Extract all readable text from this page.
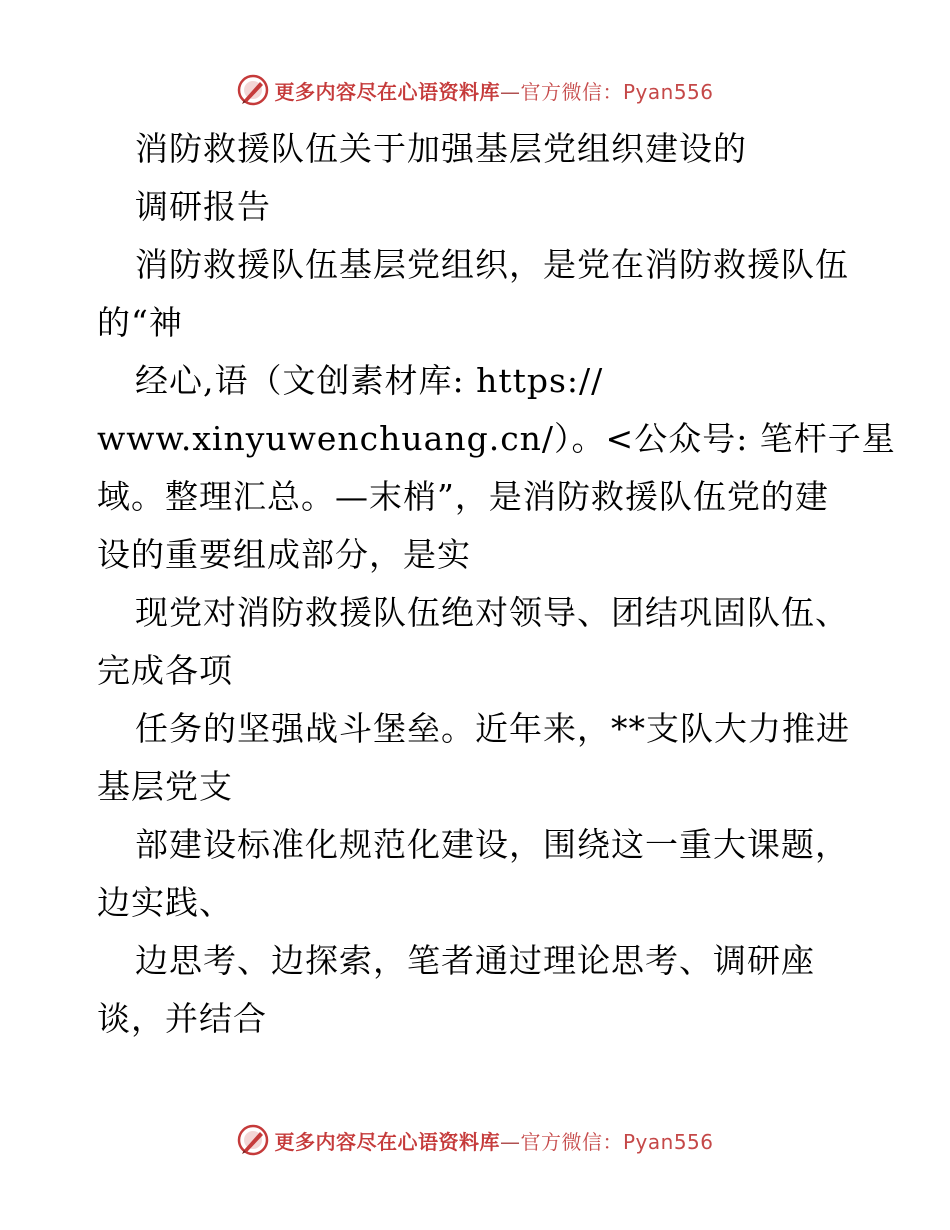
更多内容尽在心语资料库—官方微信：Pyan556
消防救援队伍关于加强基层党组织建设的
调研报告
消防救援队伍基层党组织，是党在消防救援队伍
的“神
经心,语（文创素材库: https://
www.xinyuwenchuang.cn/）。<公众号: 笔杆子星
域。整理汇总。—末梢”，是消防救援队伍党的建
设的重要组成部分，是实
现党对消防救援队伍绝对领导、团结巩固队伍、
完成各项
任务的坚强战斗堡垒。近年来，**支队大力推进
基层党支
部建设标准化规范化建设，围绕这一重大课题，
边实践、
边思考、边探索，笔者通过理论思考、调研座
谈，并结合
更多内容尽在心语资料库—官方微信：Pyan556
